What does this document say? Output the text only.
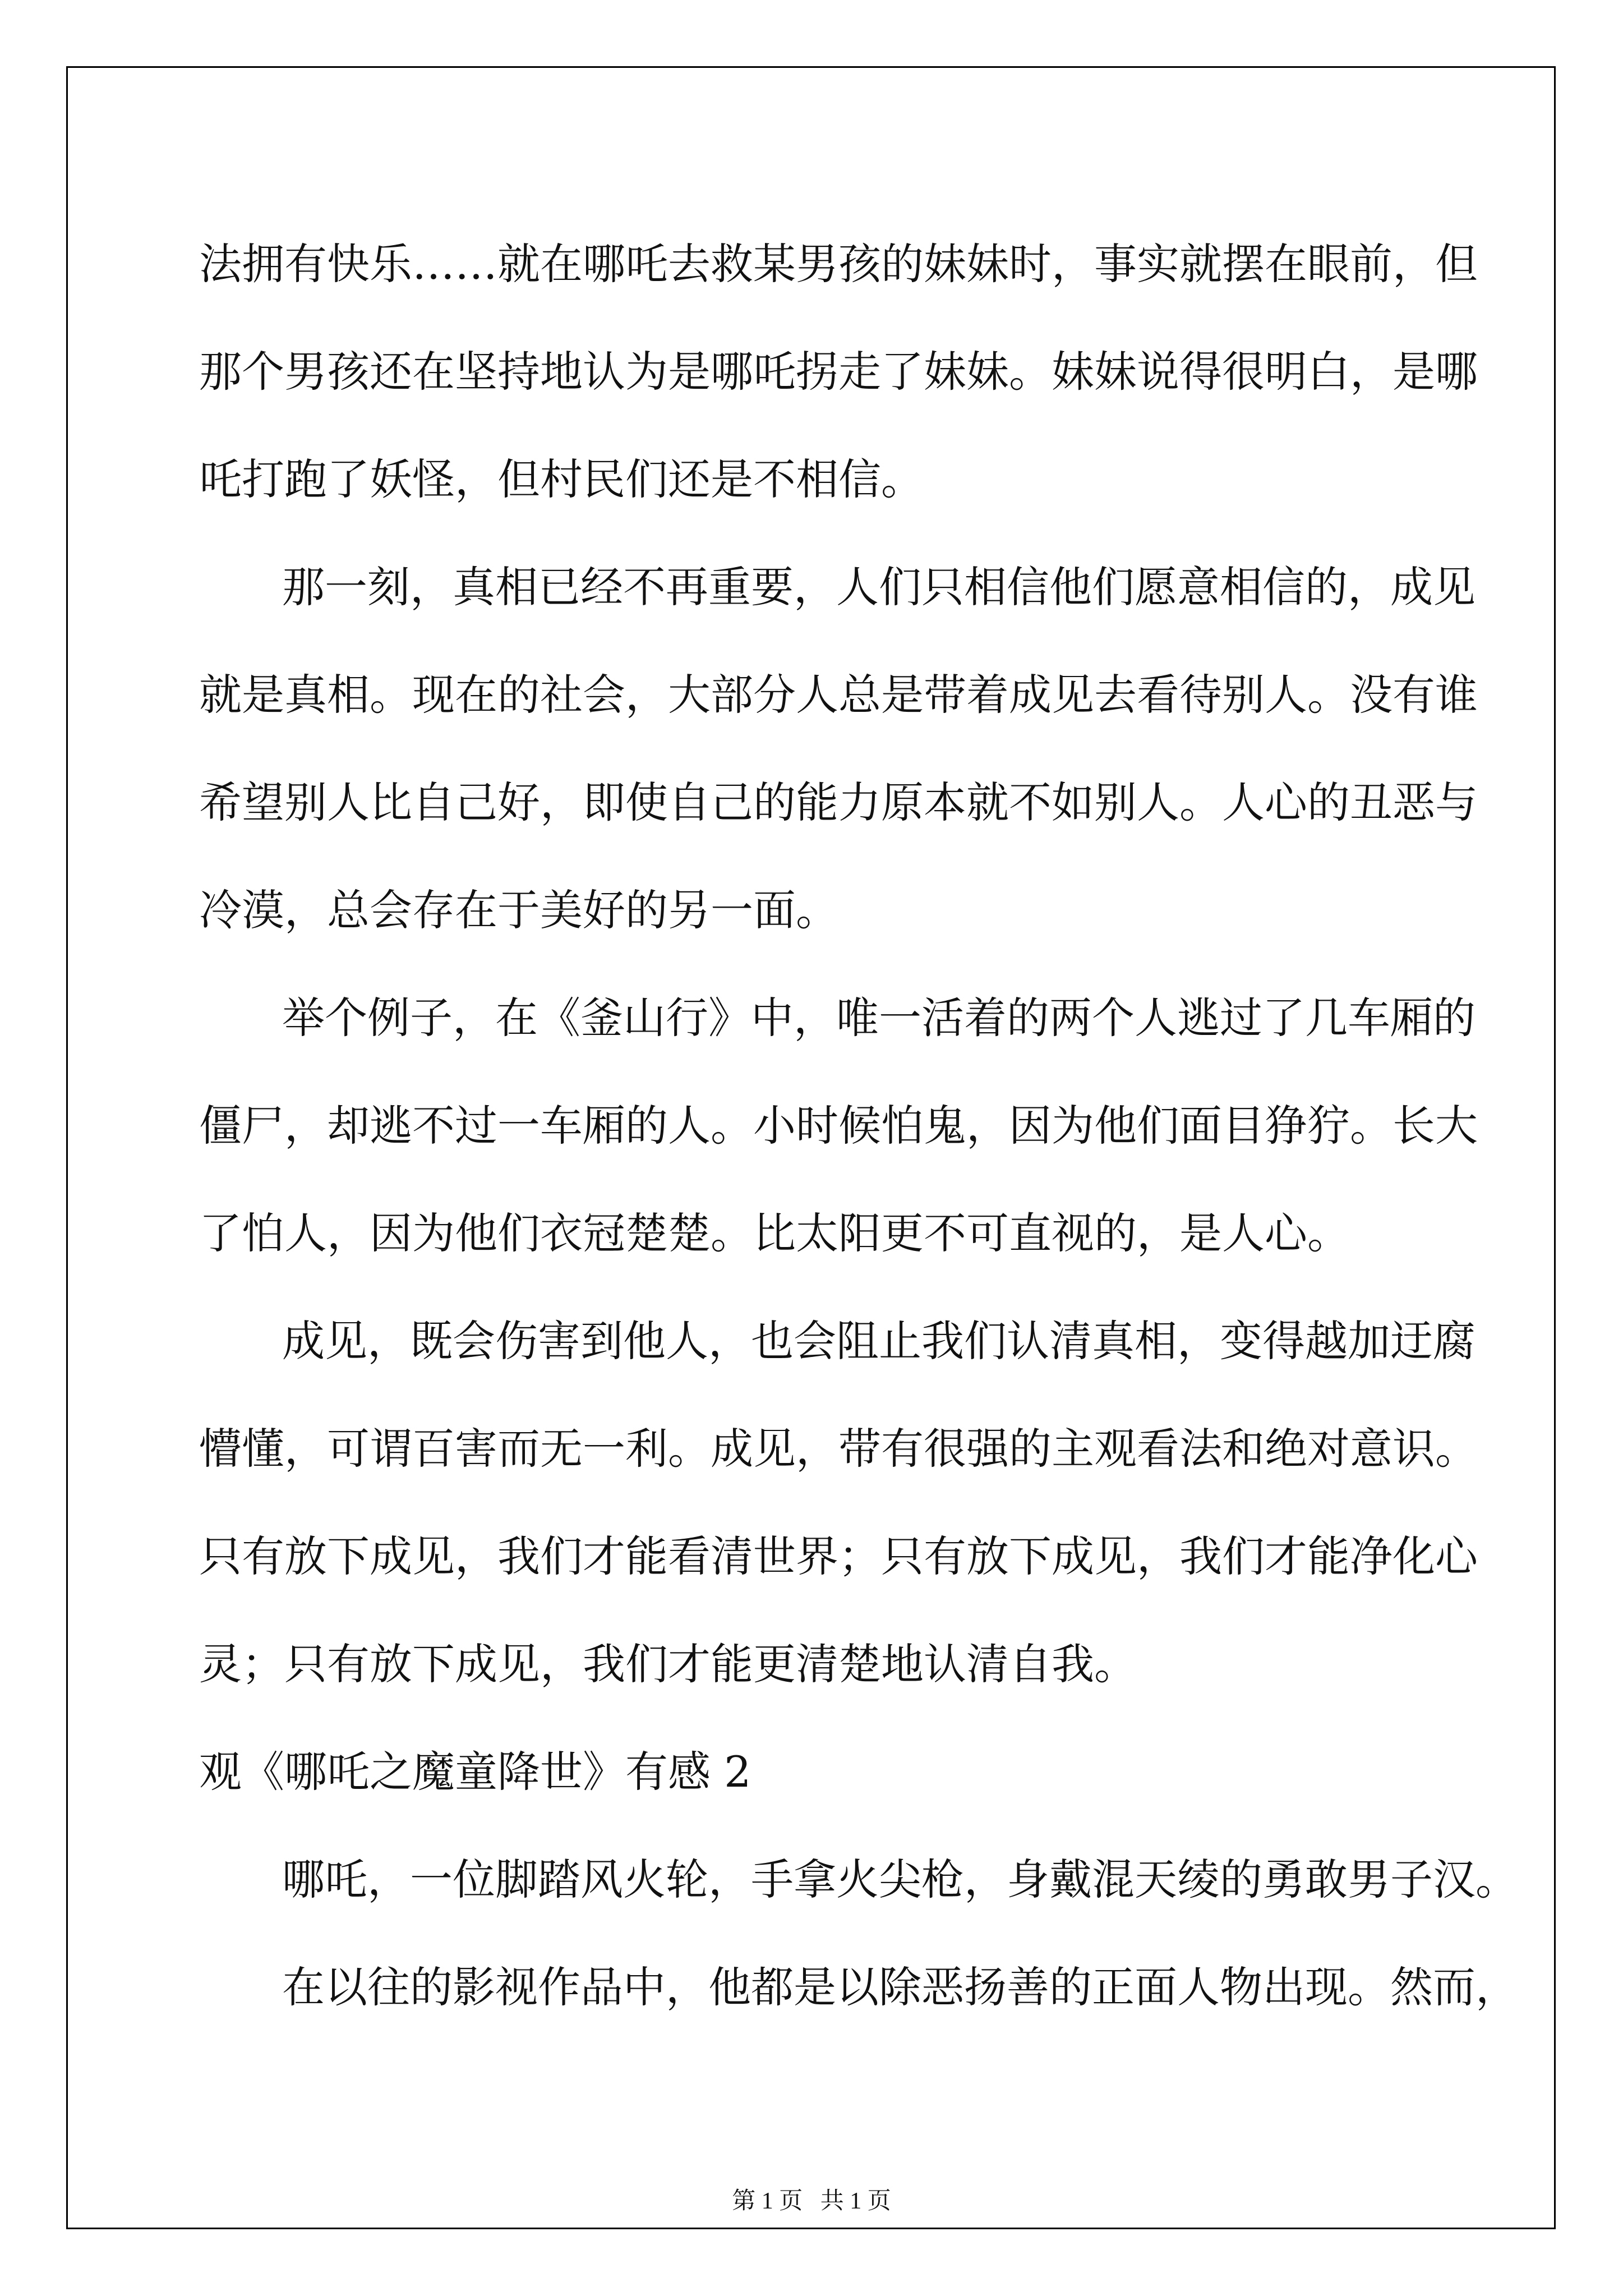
法拥有快乐……就在哪吒去救某男孩的妹妹时，事实就摆在眼前，但
那个男孩还在坚持地认为是哪吒拐走了妹妹。妹妹说得很明白，是哪
吒打跑了妖怪，但村民们还是不相信。
那一刻，真相已经不再重要，人们只相信他们愿意相信的，成见
就是真相。现在的社会，大部分人总是带着成见去看待别人。没有谁
希望别人比自己好，即使自己的能力原本就不如别人。人心的丑恶与
冷漠，总会存在于美好的另一面。
举个例子，在《釜山行》中，唯一活着的两个人逃过了几车厢的
僵尸，却逃不过一车厢的人。小时候怕鬼，因为他们面目狰狞。长大
了怕人，因为他们衣冠楚楚。比太阳更不可直视的，是人心。
成见，既会伤害到他人，也会阻止我们认清真相，变得越加迂腐
懵懂，可谓百害而无一利。成见，带有很强的主观看法和绝对意识。
只有放下成见，我们才能看清世界；只有放下成见，我们才能净化心
灵；只有放下成见，我们才能更清楚地认清自我。
观《哪吒之魔童降世》有感 2
哪吒，一位脚踏风火轮，手拿火尖枪，身戴混天绫的勇敢男子汉。
在以往的影视作品中，他都是以除恶扬善的正面人物出现。然而，
第 1 页   共 1 页
